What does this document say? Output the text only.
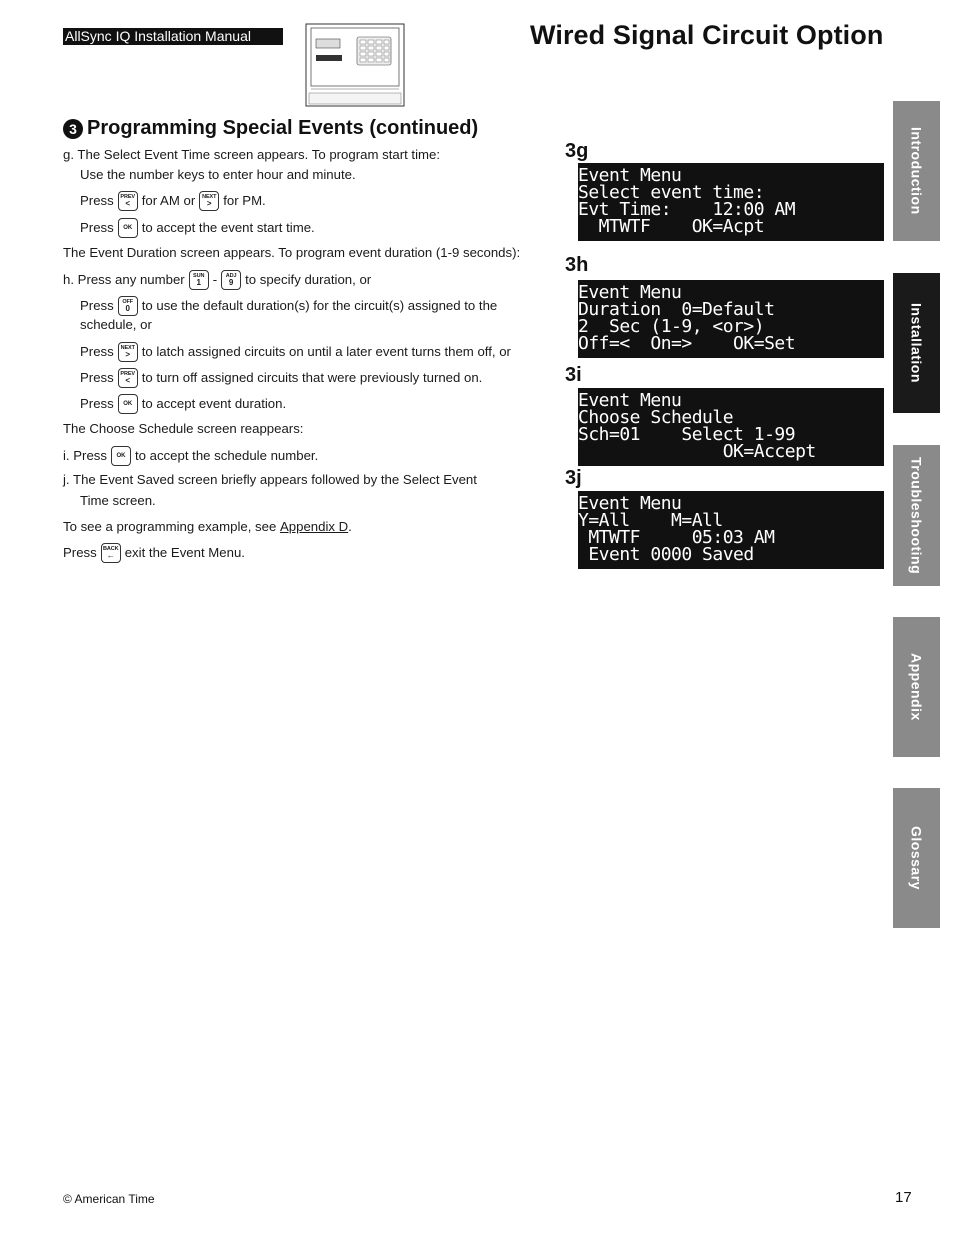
AllSync IQ Installation Manual	Wired Signal Circuit Option
3 Programming Special Events (continued)
g. The Select Event Time screen appears. To program start time:
Use the number keys to enter hour and minute.
Press PREV
< for AM or NEXT
> for PM.
Press OK to accept the event start time.
The Event Duration screen appears. To program event duration (1-9 seconds):
h. Press any number SUN
1 - ADJ
9 to specify duration, or
Press OFF
0 to use the default duration(s) for the circuit(s) assigned to the
schedule, or
Press NEXT
> to latch assigned circuits on until a later event turns them off, or
Press PREV
< to turn off assigned circuits that were previously turned on.
Press OK to accept event duration.
The Choose Schedule screen reappears:
i. Press OK to accept the schedule number.
j. The Event Saved screen briefly appears followed by the Select Event
Time screen.
To see a programming example, see
Appendix D .
Press BACK
← exit the Event Menu.
3g
Event Menu
Select event time:
Evt Time:    12:00 AM
MTWTF    OK=Acpt
3h
Event Menu
Duration  0=Default
2  Sec (1-9, <or>)
Off=<  On=>    OK=Set
3i
Event Menu
Choose Schedule
Sch=01    Select 1-99
OK=Accept
3j
Event Menu
Y=All    M=All
MTWTF     05:03 AM
Event 0000 Saved
Introduction
Installation
Troubleshooting
Appendix
Glossary
© American Time	17
